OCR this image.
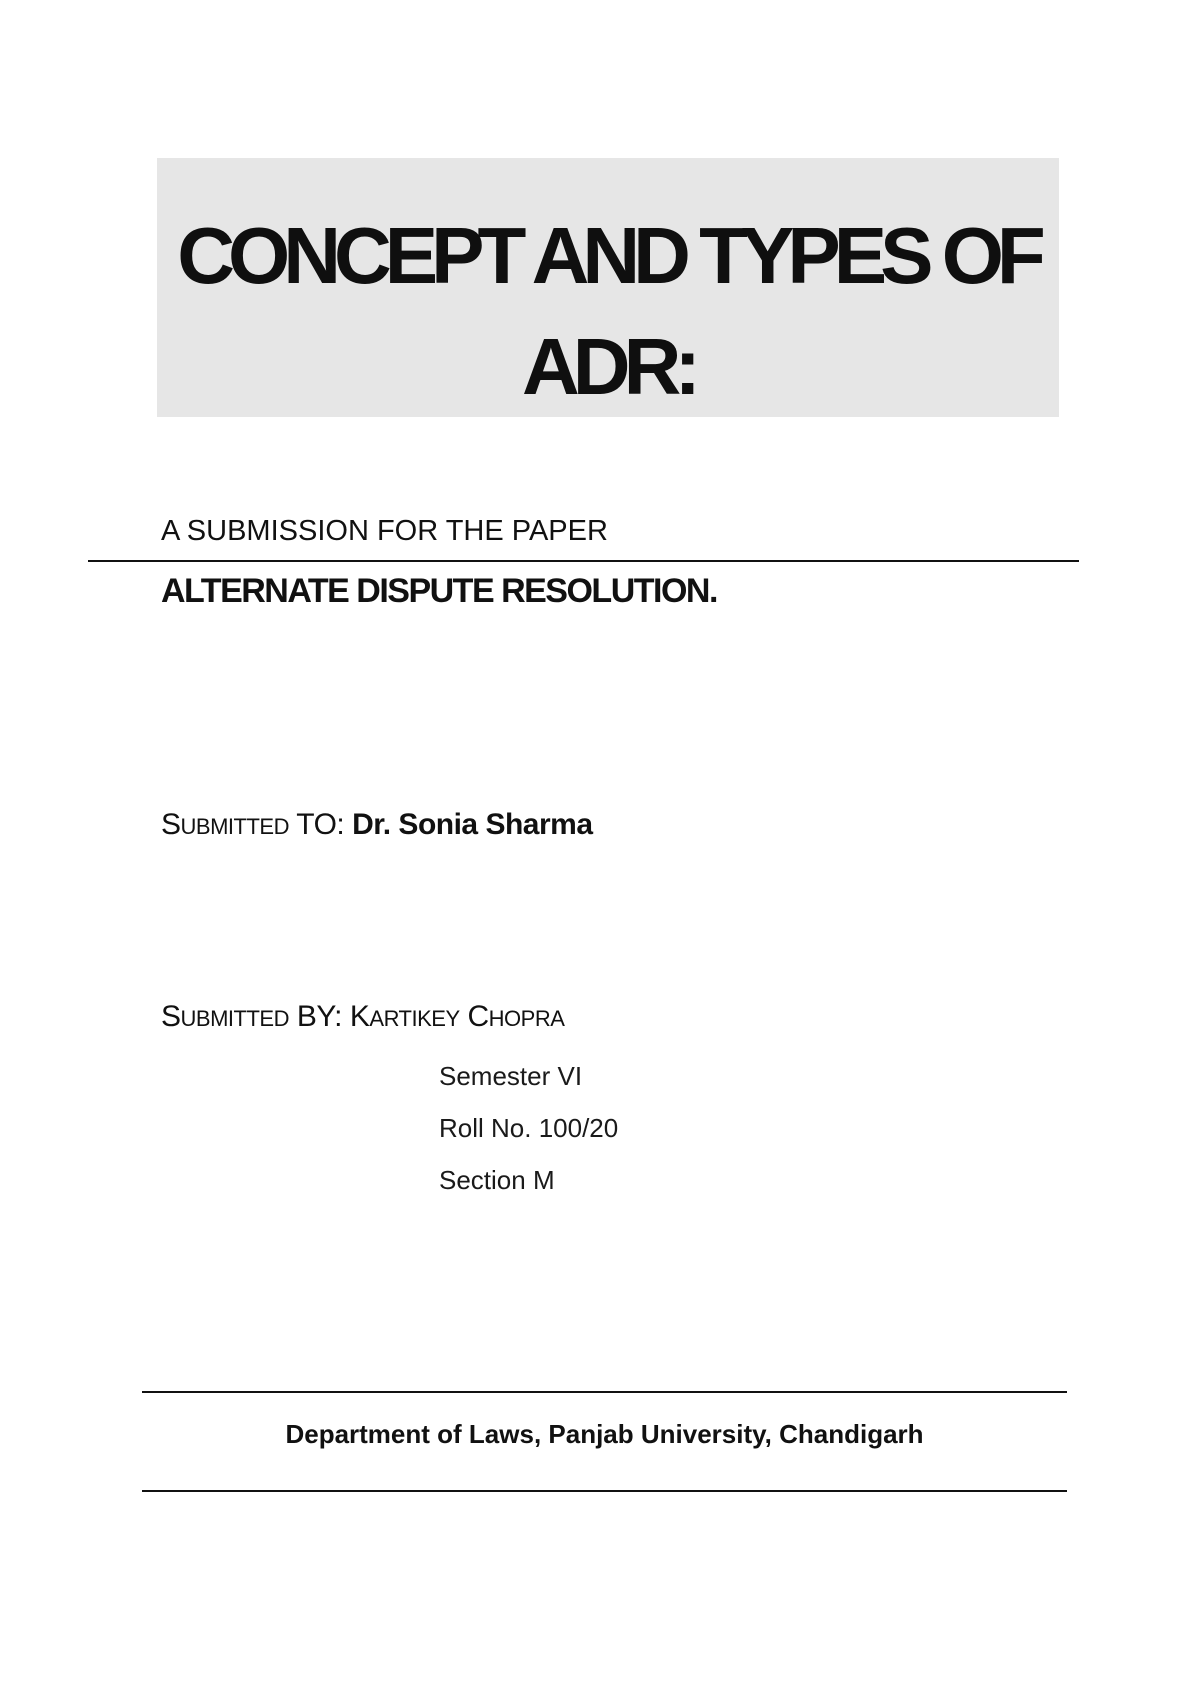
CONCEPT AND TYPES OF

ADR:

A SUBMISSION FOR THE PAPER

ALTERNATE DISPUTE RESOLUTION.

SUBMITTED TO: Dr. Sonia Sharma

SUBMITTED BY: KARTIKEY CHOPRA

Semester VI
Roll No. 100/20
Section M

Department of Laws, Panjab University, Chandigarh
